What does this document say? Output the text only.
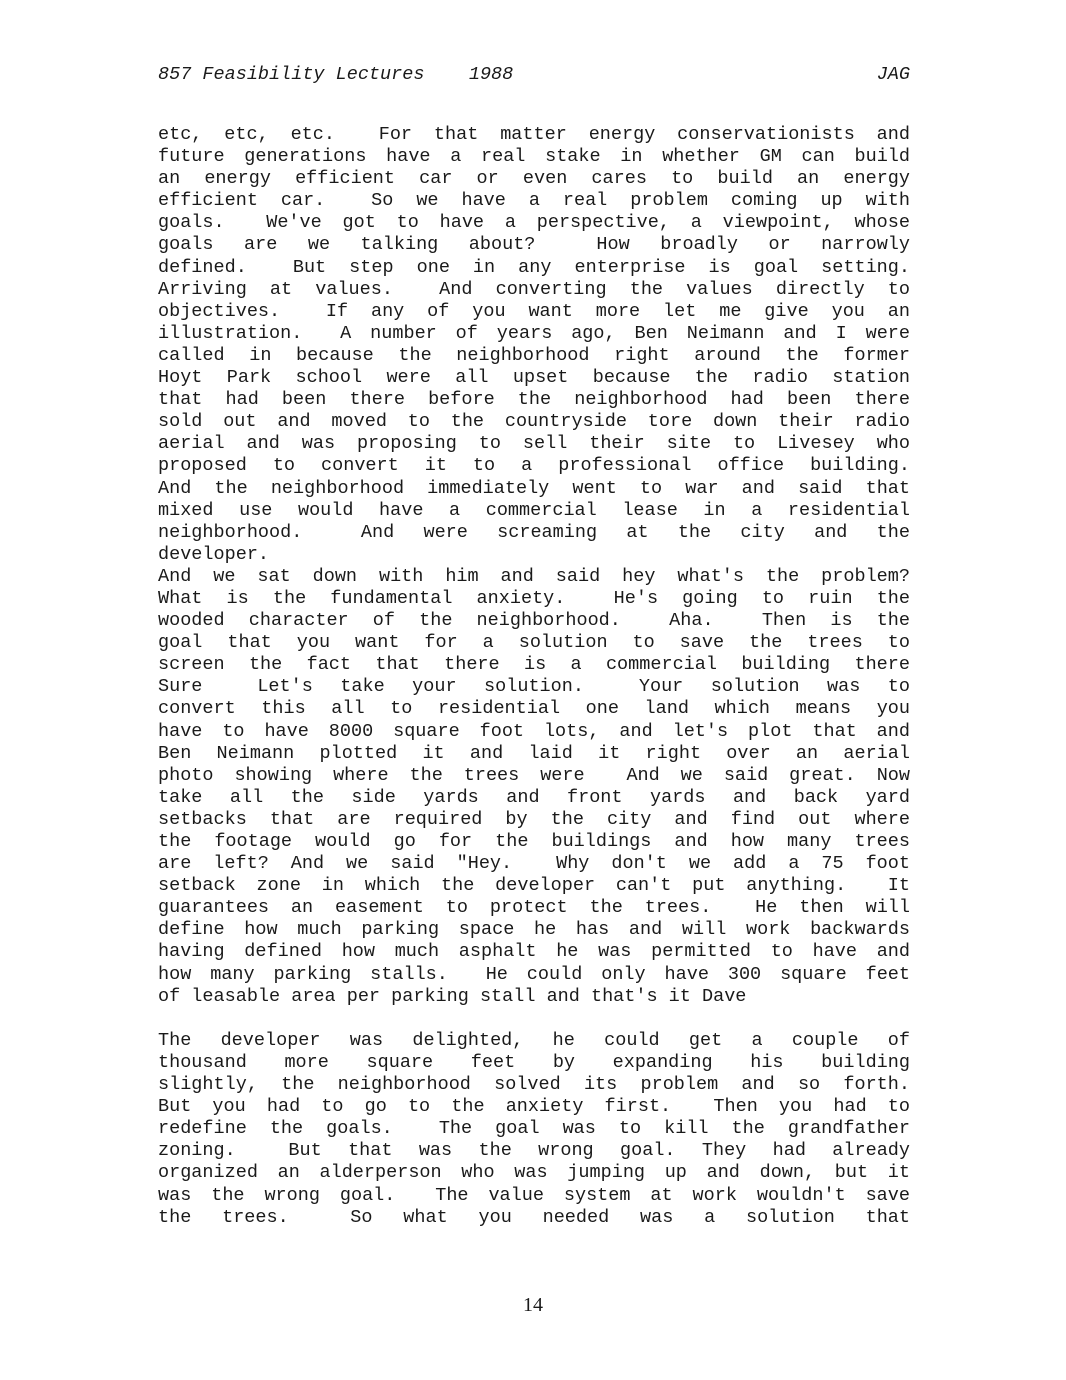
857 Feasibility Lectures    1988	JAG
etc, etc, etc.  For that matter energy conservationists and
future generations have a real stake in whether GM can build
an energy efficient car or even cares to build an energy
efficient car.  So we have a real problem coming up with
goals.  We've got to have a perspective, a viewpoint, whose
goals are we talking about?  How broadly or narrowly
defined.  But step one in any enterprise is goal setting.
Arriving at values.  And converting the values directly to
objectives.  If any of you want more let me give you an
illustration.  A number of years ago, Ben Neimann and I were
called in because the neighborhood right around the former
Hoyt Park school were all upset because the radio station
that had been there before the neighborhood had been there
sold out and moved to the countryside tore down their radio
aerial and was proposing to sell their site to Livesey who
proposed to convert it to a professional office building.
And the neighborhood immediately went to war and said that
mixed use would have a commercial lease in a residential
neighborhood.  And were screaming at the city and the
developer.
And we sat down with him and said hey what's the problem?
What is the fundamental anxiety.  He's going to ruin the
wooded character of the neighborhood.  Aha.  Then is the
goal that you want for a solution to save the trees to
screen the fact that there is a commercial building there
Sure  Let's take your solution.  Your solution was to
convert this all to residential one land which means you
have to have 8000 square foot lots, and let's plot that and
Ben Neimann plotted it and laid it right over an aerial
photo showing where the trees were  And we said great. Now
take all the side yards and front yards and back yard
setbacks that are required by the city and find out where
the footage would go for the buildings and how many trees
are left? And we said "Hey.  Why don't we add a 75 foot
setback zone in which the developer can't put anything.  It
guarantees an easement to protect the trees.  He then will
define how much parking space he has and will work backwards
having defined how much asphalt he was permitted to have and
how many parking stalls.  He could only have 300 square feet
of leasable area per parking stall and that's it Dave
The developer was delighted, he could get a couple of
thousand more square feet by expanding his building
slightly, the neighborhood solved its problem and so forth.
But you had to go to the anxiety first.  Then you had to
redefine the goals.  The goal was to kill the grandfather
zoning.  But that was the wrong goal. They had already
organized an alderperson who was jumping up and down, but it
was the wrong goal.  The value system at work wouldn't save
the trees.  So what you needed was a solution that
14
